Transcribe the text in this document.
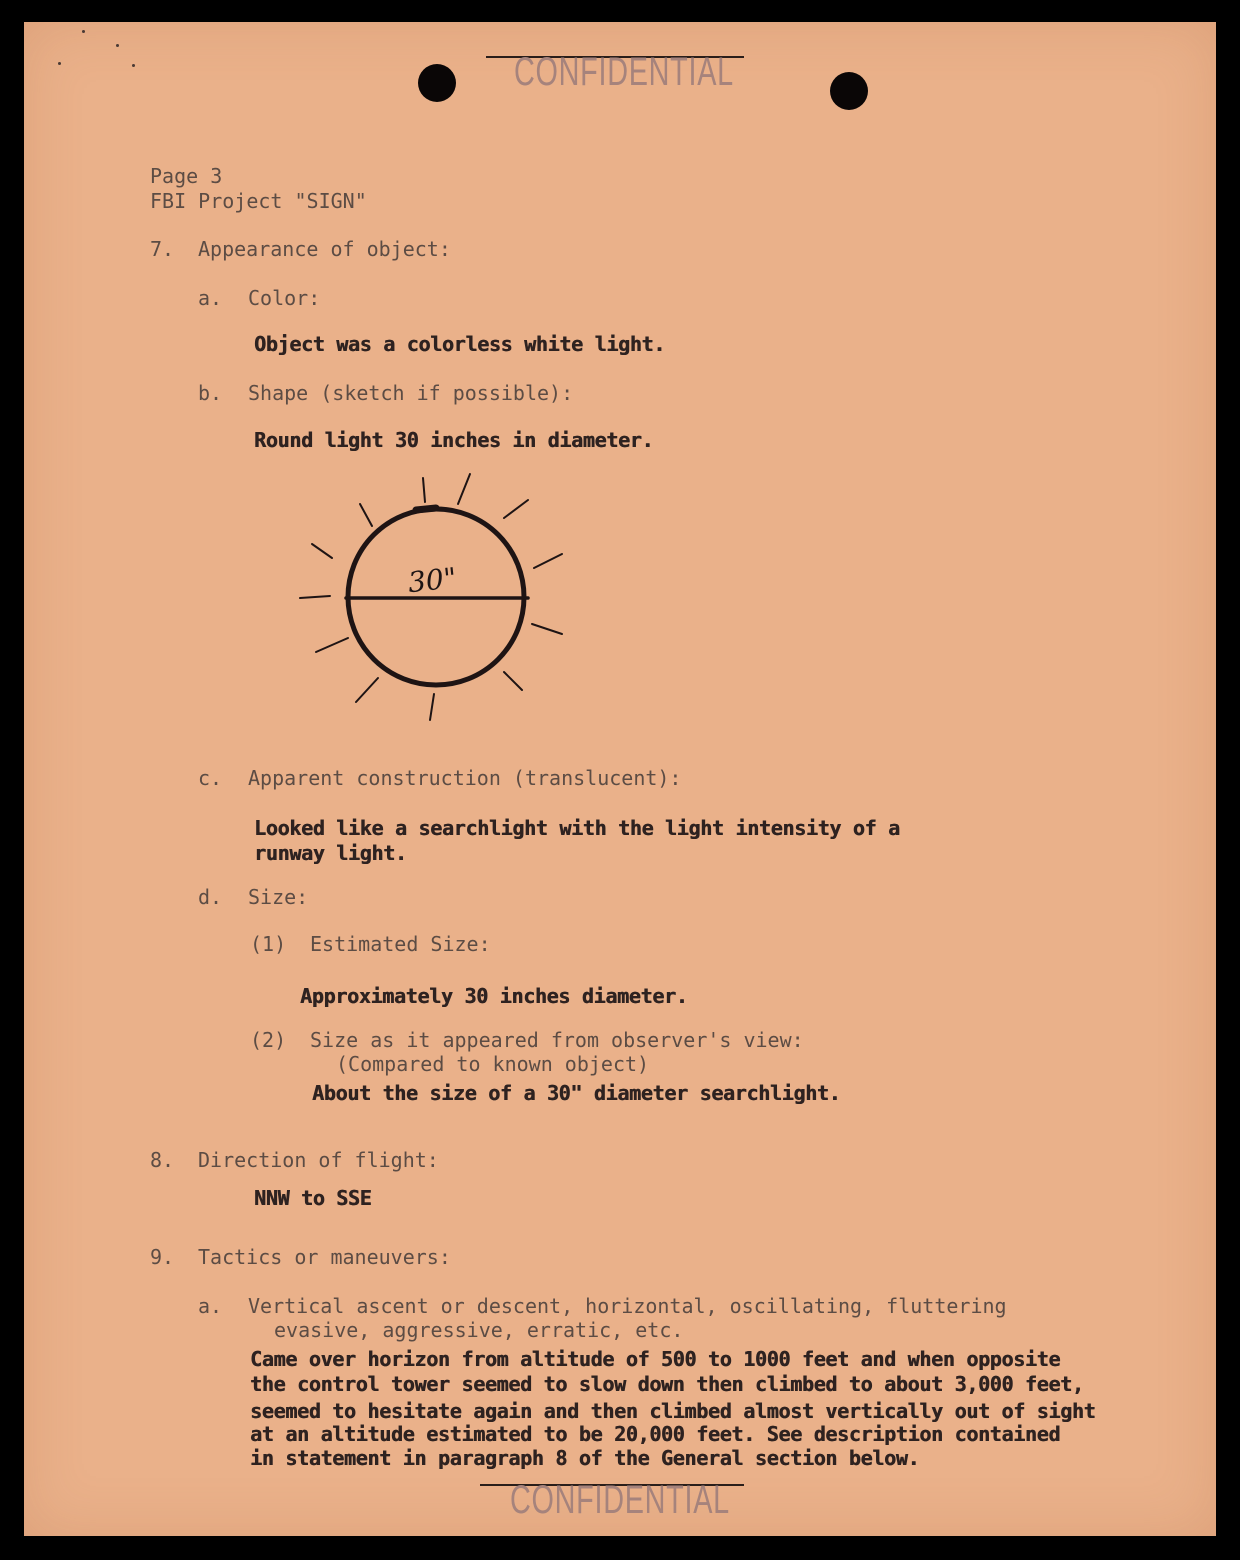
CONFIDENTIAL
Page 3
FBI Project "SIGN"
7. Appearance of object:
a. Color:
Object was a colorless white light.
b. Shape (sketch if possible):
Round light 30 inches in diameter.
30"
c. Apparent construction (translucent):
Looked like a searchlight with the light intensity of a
runway light.
d. Size:
(1) Estimated Size:
Approximately 30 inches diameter.
(2) Size as it appeared from observer's view:
(Compared to known object)
About the size of a 30" diameter searchlight.
8. Direction of flight:
NNW to SSE
9. Tactics or maneuvers:
a. Vertical ascent or descent, horizontal, oscillating, fluttering
evasive, aggressive, erratic, etc.
Came over horizon from altitude of 500 to 1000 feet and when opposite
the control tower seemed to slow down then climbed to about 3,000 feet,
seemed to hesitate again and then climbed almost vertically out of sight
at an altitude estimated to be 20,000 feet. See description contained
in statement in paragraph 8 of the General section below.
CONFIDENTIAL
